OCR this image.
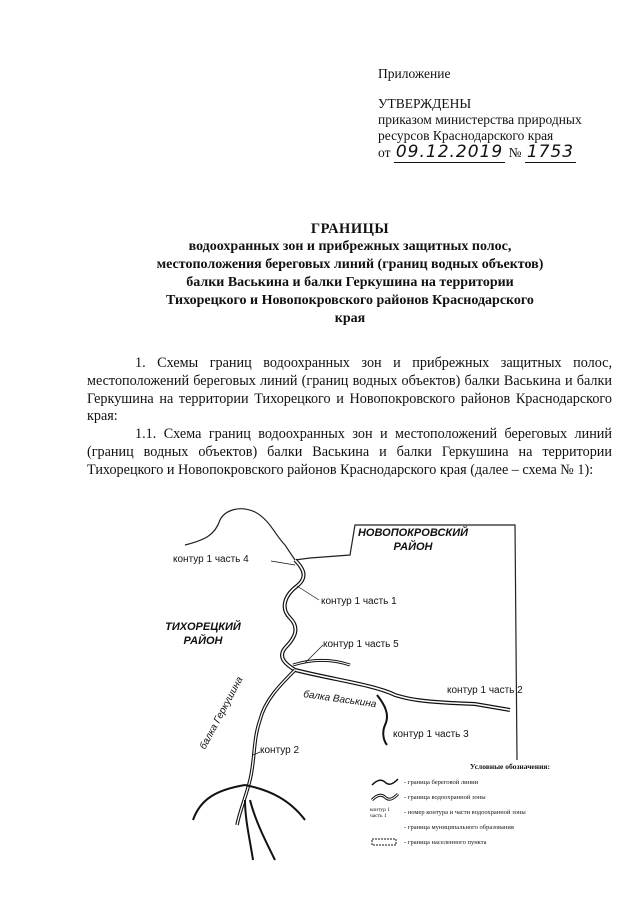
Приложение
УТВЕРЖДЕНЫ
приказом министерства природных
ресурсов Краснодарского края
от 09.12.2019 № 1753
ГРАНИЦЫ
водоохранных зон и прибрежных защитных полос, местоположения береговых линий (границ водных объектов) балки Васькина и балки Геркушина на территории Тихорецкого и Новопокровского районов Краснодарского края

1. Схемы границ водоохранных зон и прибрежных защитных полос, местоположений береговых линий (границ водных объектов) балки Васькина и балки Геркушина на территории Тихорецкого и Новопокровского районов Краснодарского края:

1.1. Схема границ водоохранных зон и местоположений береговых линий (границ водных объектов) балки Васькина и балки Геркушина на территории Тихорецкого и Новопокровского районов Краснодарского края (далее – схема № 1):

НОВОПОКРОВСКИЙ
РАЙОН
ТИХОРЕЦКИЙ
РАЙОН
контур 1 часть 4
контур 1 часть 1
контур 1 часть 5
контур 1 часть 2
контур 1 часть 3
контур 2
балка Васькина
балка Геркушина
Условные обозначения:
- граница береговой линии
- граница водоохранной зоны
контур 1 часть 1
- номер контура и части водоохранной зоны
- граница муниципального образования
- граница населенного пункта
